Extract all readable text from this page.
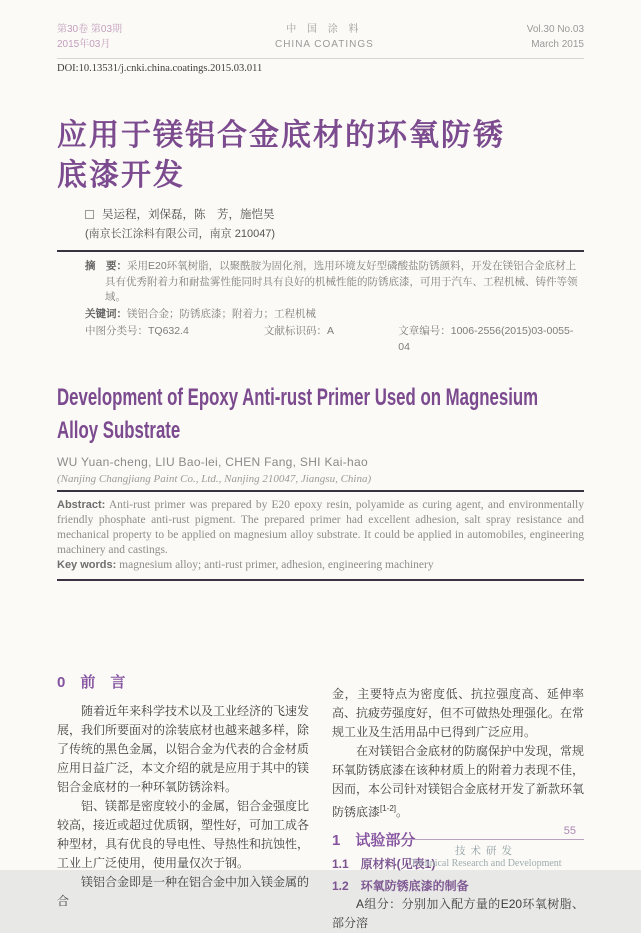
第30卷 第03期
2015年03月
中 国 涂 料
CHINA COATINGS
Vol.30 No.03
March 2015
DOI:10.13531/j.cnki.china.coatings.2015.03.011
应用于镁铝合金底材的环氧防锈
底漆开发
吴运程，刘保磊，陈　芳，施恺昊
(南京长江涂料有限公司，南京 210047)

摘　要：采用E20环氧树脂，以聚酰胺为固化剂，选用环境友好型磷酸盐防锈颜料，开发在镁铝合金底材上具有优秀附着力和耐盐雾性能同时具有良好的机械性能的防锈底漆，可用于汽车、工程机械、铸件等领域。

关键词：镁铝合金；防锈底漆；附着力；工程机械
中图分类号：TQ632.4	文献标识码：A	文章编号：1006-2556(2015)03-0055-04
Development of Epoxy Anti-rust Primer Used on Magnesium
Alloy Substrate
WU Yuan-cheng, LIU Bao-lei, CHEN Fang, SHI Kai-hao
(Nanjing Changjiang Paint Co., Ltd., Nanjing 210047, Jiangsu, China)

Abstract: Anti-rust primer was prepared by E20 epoxy resin, polyamide as curing agent, and environmentally friendly phosphate anti-rust pigment. The prepared primer had excellent adhesion, salt spray resistance and mechanical property to be applied on magnesium alloy substrate. It could be applied in automobiles, engineering machinery and castings.

Key words: magnesium alloy; anti-rust primer, adhesion, engineering machinery

0　前　言

随着近年来科学技术以及工业经济的飞速发展，我们所要面对的涂装底材也越来越多样，除了传统的黑色金属，以铝合金为代表的合金材质应用日益广泛，本文介绍的就是应用于其中的镁铝合金底材的一种环氧防锈涂料。

铝、镁都是密度较小的金属，铝合金强度比较高，接近或超过优质钢，塑性好，可加工成各种型材，具有优良的导电性、导热性和抗蚀性，工业上广泛使用，使用量仅次于钢。

镁铝合金即是一种在铝合金中加入镁金属的合

金，主要特点为密度低、抗拉强度高、延伸率高、抗疲劳强度好，但不可做热处理强化。在常规工业及生活用品中已得到广泛应用。

在对镁铝合金底材的防腐保护中发现，常规环氧防锈底漆在该种材质上的附着力表现不佳，因而，本公司针对镁铝合金底材开发了新款环氧防锈底漆[1-2]。

1　试验部分
1.1　原材料(见表1)
1.2　环氧防锈底漆的制备

A组分：分别加入配方量的E20环氧树脂、部分溶

55
技术研发
Technical Research and Development
